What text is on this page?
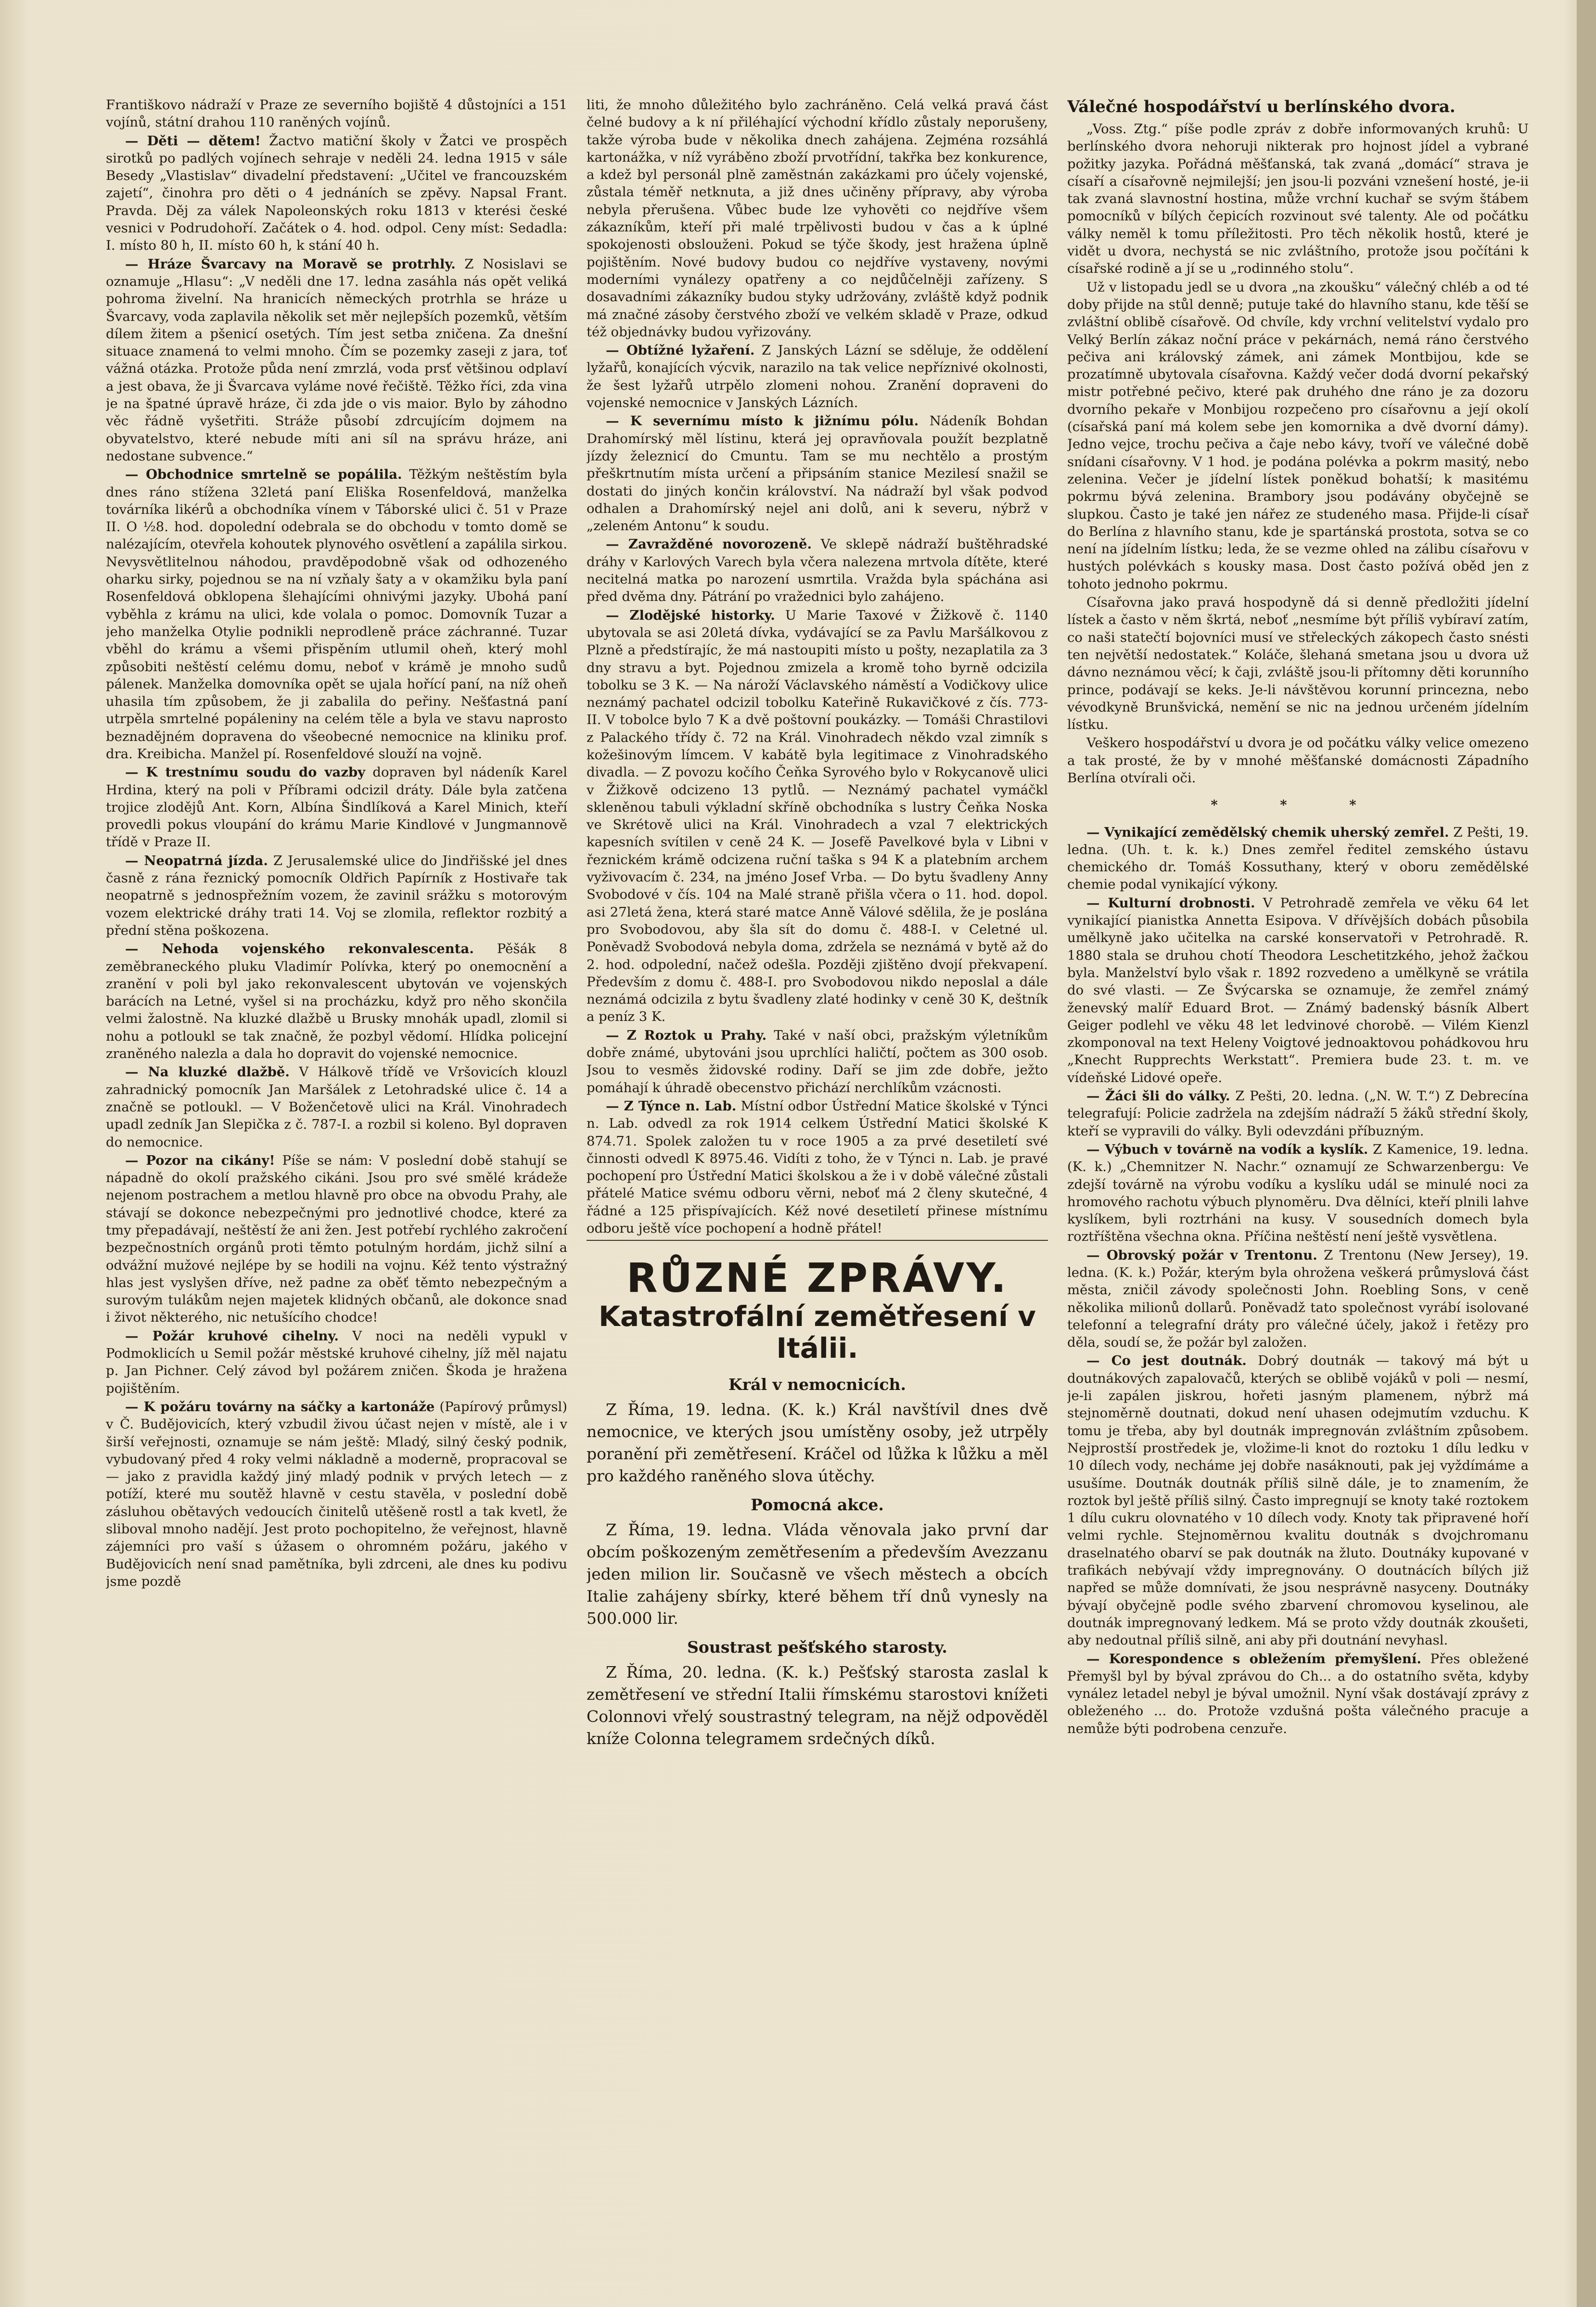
Františkovo nádraží v Praze ze severního bojiště 4 důstojníci a 151 vojínů, státní drahou 110 raněných vojínů.

— Děti — dětem! Žactvo matiční školy v Žatci ve prospěch sirotků po padlých vojínech sehraje v neděli 24. ledna 1915 v sále Besedy „Vlastislav“ divadelní představení: „Učitel ve francouzském zajetí“, činohra pro děti o 4 jednáních se zpěvy. Napsal Frant. Pravda. Děj za válek Napoleonských roku 1813 v kterési české vesnici v Podrudohoří. Začátek o 4. hod. odpol. Ceny míst: Sedadla: I. místo 80 h, II. místo 60 h, k stání 40 h.

— Hráze Švarcavy na Moravě se protrhly. Z Nosislavi se oznamuje „Hlasu“: „V neděli dne 17. ledna zasáhla nás opět veliká pohroma živelní. Na hranicích německých protrhla se hráze u Švarcavy, voda zaplavila několik set měr nejlepších pozemků, větším dílem žitem a pšenicí osetých. Tím jest setba zničena. Za dnešní situace znamená to velmi mnoho. Čím se pozemky zaseji z jara, toť vážná otázka. Protože půda není zmrzlá, voda prsť většinou odplaví a jest obava, že ji Švarcava vyláme nové řečiště. Těžko říci, zda vina je na špatné úpravě hráze, či zda jde o vis maior. Bylo by záhodno věc řádně vyšetřiti. Stráže působí zdrcujícím dojmem na obyvatelstvo, které nebude míti ani síl na správu hráze, ani nedostane subvence.“

— Obchodnice smrtelně se popálila. Těžkým neštěstím byla dnes ráno stížena 32letá paní Eliška Rosenfeldová, manželka továrníka likérů a obchodníka vínem v Táborské ulici č. 51 v Praze II. O ½8. hod. dopolední odebrala se do obchodu v tomto domě se nalézajícím, otevřela kohoutek plynového osvětlení a zapálila sirkou. Nevysvětlitelnou náhodou, pravděpodobně však od odhozeného oharku sirky, pojednou se na ní vzňaly šaty a v okamžiku byla paní Rosenfeldová obklopena šlehajícími ohnivými jazyky. Ubohá paní vyběhla z krámu na ulici, kde volala o pomoc. Domovník Tuzar a jeho manželka Otylie podnikli neprodleně práce záchranné. Tuzar vběhl do krámu a všemi přispěním utlumil oheň, který mohl způsobiti neštěstí celému domu, neboť v krámě je mnoho sudů pálenek. Manželka domovníka opět se ujala hořící paní, na níž oheň uhasila tím způsobem, že ji zabalila do peřiny. Nešťastná paní utrpěla smrtelné popáleniny na celém těle a byla ve stavu naprosto beznadějném dopravena do všeobecné nemocnice na kliniku prof. dra. Kreibicha. Manžel pí. Rosenfeldové slouží na vojně.

— K trestnímu soudu do vazby dopraven byl nádeník Karel Hrdina, který na poli v Příbrami odcizil dráty. Dále byla zatčena trojice zlodějů Ant. Korn, Albína Šindlíková a Karel Minich, kteří provedli pokus vloupání do krámu Marie Kindlové v Jungmannově třídě v Praze II.

— Neopatrná jízda. Z Jerusalemské ulice do Jindřišské jel dnes časně z rána řeznický pomocník Oldřich Papírník z Hostivaře tak neopatrně s jednospřežním vozem, že zavinil srážku s motorovým vozem elektrické dráhy trati 14. Voj se zlomila, reflektor rozbitý a přední stěna poškozena.

— Nehoda vojenského rekonvalescenta. Pěšák 8 zeměbraneckého pluku Vladimír Polívka, který po onemocnění a zranění v poli byl jako rekonvalescent ubytován ve vojenských barácích na Letné, vyšel si na procházku, když pro něho skončila velmi žalostně. Na kluzké dlažbě u Brusky mnohák upadl, zlomil si nohu a potloukl se tak značně, že pozbyl vědomí. Hlídka policejní zraněného nalezla a dala ho dopravit do vojenské nemocnice.

— Na kluzké dlažbě. V Hálkově třídě ve Vršovicích klouzl zahradnický pomocník Jan Maršálek z Letohradské ulice č. 14 a značně se potloukl. — V Boženčetově ulici na Král. Vinohradech upadl zedník Jan Slepička z č. 787-I. a rozbil si koleno. Byl dopraven do nemocnice.

— Pozor na cikány! Píše se nám: V poslední době stahují se nápadně do okolí pražského cikáni. Jsou pro své smělé krádeže nejenom postrachem a metlou hlavně pro obce na obvodu Prahy, ale stávají se dokonce nebezpečnými pro jednotlivé chodce, které za tmy přepadávají, neštěstí že ani žen. Jest potřebí rychlého zakročení bezpečnostních orgánů proti těmto potulným hordám, jichž silní a odvážní mužové nejlépe by se hodili na vojnu. Kéž tento výstražný hlas jest vyslyšen dříve, než padne za oběť těmto nebezpečným a surovým tulákům nejen majetek klidných občanů, ale dokonce snad i život některého, nic netušícího chodce!

— Požár kruhové cihelny. V noci na neděli vypukl v Podmoklicích u Semil požár městské kruhové cihelny, jíž měl najatu p. Jan Pichner. Celý závod byl požárem zničen. Škoda je hražena pojištěním.

— K požáru továrny na sáčky a kartonáže (Papírový průmysl) v Č. Budějovicích, který vzbudil živou účast nejen v místě, ale i v širší veřejnosti, oznamuje se nám ještě: Mladý, silný český podnik, vybudovaný před 4 roky velmi nákladně a moderně, propracoval se — jako z pravidla každý jiný mladý podnik v prvých letech — z potíží, které mu soutěž hlavně v cestu stavěla, v poslední době zásluhou obětavých vedoucích činitelů utěšeně rostl a tak kvetl, že sliboval mnoho nadějí. Jest proto pochopitelno, že veřejnost, hlavně zájemníci pro vaší s úžasem o ohromném požáru, jakého v Budějovicích není snad pamětníka, byli zdrceni, ale dnes ku podivu jsme pozdě

liti, že mnoho důležitého bylo zachráněno. Celá velká pravá část čelné budovy a k ní přiléhající východní křídlo zůstaly neporušeny, takže výroba bude v několika dnech zahájena. Zejména rozsáhlá kartonážka, v níž vyráběno zboží prvotřídní, takřka bez konkurence, a kdež byl personál plně zaměstnán zakázkami pro účely vojenské, zůstala téměř netknuta, a již dnes učiněny přípravy, aby výroba nebyla přerušena. Vůbec bude lze vyhověti co nejdříve všem zákazníkům, kteří při malé trpělivosti budou v čas a k úplné spokojenosti obslouženi. Pokud se týče škody, jest hražena úplně pojištěním. Nové budovy budou co nejdříve vystaveny, novými moderními vynálezy opatřeny a co nejdůčelněji zařízeny. S dosavadními zákazníky budou styky udržovány, zvláště když podnik má značné zásoby čerstvého zboží ve velkém skladě v Praze, odkud též objednávky budou vyřizovány.

— Obtížné lyžaření. Z Janských Lázní se sděluje, že oddělení lyžařů, konajících výcvik, narazilo na tak velice nepříznivé okolnosti, že šest lyžařů utrpělo zlomeni nohou. Zranění dopraveni do vojenské nemocnice v Janských Lázních.

— K severnímu místo k jižnímu pólu. Nádeník Bohdan Drahomírský měl lístinu, která jej opravňovala použít bezplatně jízdy železnicí do Cmuntu. Tam se mu nechtělo a prostým přeškrtnutím místa určení a připsáním stanice Mezilesí snažil se dostati do jiných končin království. Na nádraží byl však podvod odhalen a Drahomírský nejel ani dolů, ani k severu, nýbrž v „zeleném Antonu“ k soudu.

— Zavražděné novorozeně. Ve sklepě nádraží buštěhradské dráhy v Karlových Varech byla včera nalezena mrtvola dítěte, které necitelná matka po narození usmrtila. Vražda byla spáchána asi před dvěma dny. Pátrání po vražednici bylo zahájeno.

— Zlodějské historky. U Marie Taxové v Žižkově č. 1140 ubytovala se asi 20letá dívka, vydávající se za Pavlu Maršálkovou z Plzně a předstírajíc, že má nastoupiti místo u pošty, nezaplatila za 3 dny stravu a byt. Pojednou zmizela a kromě toho byrně odcizila tobolku se 3 K. — Na nároží Václavského náměstí a Vodičkovy ulice neznámý pachatel odcizil tobolku Kateřině Rukavičkové z čís. 773-II. V tobolce bylo 7 K a dvě poštovní poukázky. — Tomáši Chrastilovi z Palackého třídy č. 72 na Král. Vinohradech někdo vzal zimník s kožešinovým límcem. V kabátě byla legitimace z Vinohradského divadla. — Z povozu kočího Čeňka Syrového bylo v Rokycanově ulici v Žižkově odcizeno 13 pytlů. — Neznámý pachatel vymáčkl skleněnou tabuli výkladní skříně obchodníka s lustry Čeňka Noska ve Skrétově ulici na Král. Vinohradech a vzal 7 elektrických kapesních svítilen v ceně 24 K. — Josefě Pavelkové byla v Libni v řeznickém krámě odcizena ruční taška s 94 K a platebním archem vyživovacím č. 234, na jméno Josef Vrba. — Do bytu švadleny Anny Svobodové v čís. 104 na Malé straně přišla včera o 11. hod. dopol. asi 27letá žena, která staré matce Anně Válové sdělila, že je poslána pro Svobodovou, aby šla sít do domu č. 488-I. v Celetné ul. Poněvadž Svobodová nebyla doma, zdržela se neznámá v bytě až do 2. hod. odpolední, načež odešla. Později zjištěno dvojí překvapení. Především z domu č. 488-I. pro Svobodovou nikdo neposlal a dále neznámá odcizila z bytu švadleny zlaté hodinky v ceně 30 K, deštník a peníz 3 K.

— Z Roztok u Prahy. Také v naší obci, pražským výletníkům dobře známé, ubytováni jsou uprchlíci haličtí, počtem as 300 osob. Jsou to vesměs židovské rodiny. Daří se jim zde dobře, ježto pomáhají k úhradě obecenstvo přichází nerchlíkům vzácnosti.

— Z Týnce n. Lab. Místní odbor Ústřední Matice školské v Týnci n. Lab. odvedl za rok 1914 celkem Ústřední Matici školské K 874.71. Spolek založen tu v roce 1905 a za prvé desetiletí své činnosti odvedl K 8975.46. Vidíti z toho, že v Týnci n. Lab. je pravé pochopení pro Ústřední Matici školskou a že i v době válečné zůstali přátelé Matice svému odboru věrni, neboť má 2 členy skutečné, 4 řádné a 125 přispívajících. Kéž nové desetiletí přinese místnímu odboru ještě více pochopení a hodně přátel!

RŮZNÉ ZPRÁVY.
Katastrofální zemětřesení v Itálii.
Král v nemocnicích.

Z Říma, 19. ledna. (K. k.) Král navštívil dnes dvě nemocnice, ve kterých jsou umístěny osoby, jež utrpěly poranění při zemětřesení. Kráčel od lůžka k lůžku a měl pro každého raněného slova útěchy.

Pomocná akce.

Z Říma, 19. ledna. Vláda věnovala jako první dar obcím poškozeným zemětřesením a především Avezzanu jeden milion lir. Současně ve všech městech a obcích Italie zahájeny sbírky, které během tří dnů vynesly na 500.000 lir.

Soustrast pešťského starosty.

Z Říma, 20. ledna. (K. k.) Pešťský starosta zaslal k zemětřesení ve střední Italii římskému starostovi knížeti Colonnovi vřelý soustrastný telegram, na nějž odpověděl kníže Colonna telegramem srdečných díků.

Válečné hospodářství u berlínského dvora.

„Voss. Ztg.“ píše podle zpráv z dobře informovaných kruhů: U berlínského dvora nehoruji nikterak pro hojnost jídel a vybrané požitky jazyka. Pořádná měšťanská, tak zvaná „domácí“ strava je císaří a císařovně nejmilejší; jen jsou-li pozváni vznešení hosté, je-ii tak zvaná slavnostní hostina, může vrchní kuchař se svým štábem pomocníků v bílých čepicích rozvinout své talenty. Ale od počátku války neměl k tomu příležitosti. Pro těch několik hostů, které je vidět u dvora, nechystá se nic zvláštního, protože jsou počítáni k císařské rodině a jí se u „rodinného stolu“.

Už v listopadu jedl se u dvora „na zkoušku“ válečný chléb a od té doby přijde na stůl denně; putuje také do hlavního stanu, kde těší se zvláštní oblibě císařově. Od chvíle, kdy vrchní velitelství vydalo pro Velký Berlín zákaz noční práce v pekárnách, nemá ráno čerstvého pečiva ani královský zámek, ani zámek Montbijou, kde se prozatímně ubytovala císařovna. Každý večer dodá dvorní pekařský mistr potřebné pečivo, které pak druhého dne ráno je za dozoru dvorního pekaře v Monbijou rozpečeno pro císařovnu a její okolí (císařská paní má kolem sebe jen komornika a dvě dvorní dámy). Jedno vejce, trochu pečiva a čaje nebo kávy, tvoří ve válečné době snídani císařovny. V 1 hod. je podána polévka a pokrm masitý, nebo zelenina. Večer je jídelní lístek poněkud bohatší; k masitému pokrmu bývá zelenina. Brambory jsou podávány obyčejně se slupkou. Často je také jen nářez ze studeného masa. Přijde-li císař do Berlína z hlavního stanu, kde je spartánská prostota, sotva se co není na jídelním lístku; leda, že se vezme ohled na zálibu císařovu v hustých polévkách s kousky masa. Dost často požívá oběd jen z tohoto jednoho pokrmu.

Císařovna jako pravá hospodyně dá si denně předložiti jídelní lístek a často v něm škrtá, neboť „nesmíme být příliš vybíraví zatím, co naši statečtí bojovníci musí ve střeleckých zákopech často snésti ten největší nedostatek.“ Koláče, šlehaná smetana jsou u dvora už dávno neznámou věcí; k čaji, zvláště jsou-li přítomny děti korunního prince, podávají se keks. Je-li návštěvou korunní princezna, nebo vévodkyně Brunšvická, nemění se nic na jednou určeném jídelním lístku.

Veškero hospodářství u dvora je od počátku války velice omezeno a tak prosté, že by v mnohé měšťanské domácnosti Západního Berlína otvírali oči.

* * *

— Vynikající zemědělský chemik uherský zemřel. Z Pešti, 19. ledna. (Uh. t. k. k.) Dnes zemřel ředitel zemského ústavu chemického dr. Tomáš Kossuthany, který v oboru zemědělské chemie podal vynikající výkony.

— Kulturní drobnosti. V Petrohradě zemřela ve věku 64 let vynikající pianistka Annetta Esipova. V dřívějších dobách působila umělkyně jako učitelka na carské konservatoři v Petrohradě. R. 1880 stala se druhou chotí Theodora Leschetitzkého, jehož žačkou byla. Manželství bylo však r. 1892 rozvedeno a umělkyně se vrátila do své vlasti. — Ze Švýcarska se oznamuje, že zemřel známý ženevský malíř Eduard Brot. — Známý badenský básník Albert Geiger podlehl ve věku 48 let ledvinové chorobě. — Vilém Kienzl zkomponoval na text Heleny Voigtové jednoaktovou pohádkovou hru „Knecht Rupprechts Werkstatt“. Premiera bude 23. t. m. ve vídeňské Lidové opeře.

— Žáci šli do války. Z Pešti, 20. ledna. („N. W. T.“) Z Debrecína telegrafují: Policie zadržela na zdejším nádraží 5 žáků střední školy, kteří se vypravili do války. Byli odevzdáni příbuzným.

— Výbuch v továrně na vodík a kyslík. Z Kamenice, 19. ledna. (K. k.) „Chemnitzer N. Nachr.“ oznamují ze Schwarzenbergu: Ve zdejší továrně na výrobu vodíku a kyslíku udál se minulé noci za hromového rachotu výbuch plynoměru. Dva dělníci, kteří plnili lahve kyslíkem, byli roztrháni na kusy. V sousedních domech byla roztříštěna všechna okna. Příčina neštěstí není ještě vysvětlena.

— Obrovský požár v Trentonu. Z Trentonu (New Jersey), 19. ledna. (K. k.) Požár, kterým byla ohrožena veškerá průmyslová část města, zničil závody společnosti John. Roebling Sons, v ceně několika milionů dollarů. Poněvadž tato společnost vyrábí isolované telefonní a telegrafní dráty pro válečné účely, jakož i řetězy pro děla, soudí se, že požár byl založen.

— Co jest doutnák. Dobrý doutnák — takový má být u doutnákových zapalovačů, kterých se oblibě vojáků v poli — nesmí, je-li zapálen jiskrou, hořeti jasným plamenem, nýbrž má stejnoměrně doutnati, dokud není uhasen odejmutím vzduchu. K tomu je třeba, aby byl doutnák impregnován zvláštním způsobem. Nejprostší prostředek je, vložime-li knot do roztoku 1 dílu ledku v 10 dílech vody, necháme jej dobře nasáknouti, pak jej vyždímáme a usušíme. Doutnák doutnák příliš silně dále, je to znamením, že roztok byl ještě příliš silný. Často impregnují se knoty také roztokem 1 dílu cukru olovnatého v 10 dílech vody. Knoty tak připravené hoří velmi rychle. Stejnoměrnou kvalitu doutnák s dvojchromanu draselnatého obarví se pak doutnák na žluto. Doutnáky kupované v trafikách nebývají vždy impregnovány. O doutnácích bílých již napřed se může domnívati, že jsou nesprávně nasyceny. Doutnáky bývají obyčejně podle svého zbarvení chromovou kyselinou, ale doutnák impregnovaný ledkem. Má se proto vždy doutnák zkoušeti, aby nedoutnal příliš silně, ani aby při doutnání nevyhasl.

— Korespondence s obležením přemyšlení. Přes obležené Přemyšl byl by býval zprávou do Ch... a do ostatního světa, kdyby vynález letadel nebyl je býval umožnil. Nyní však dostávají zprávy z obleženého ... do. Protože vzdušná pošta válečného pracuje a nemůže býti podrobena cenzuře.
